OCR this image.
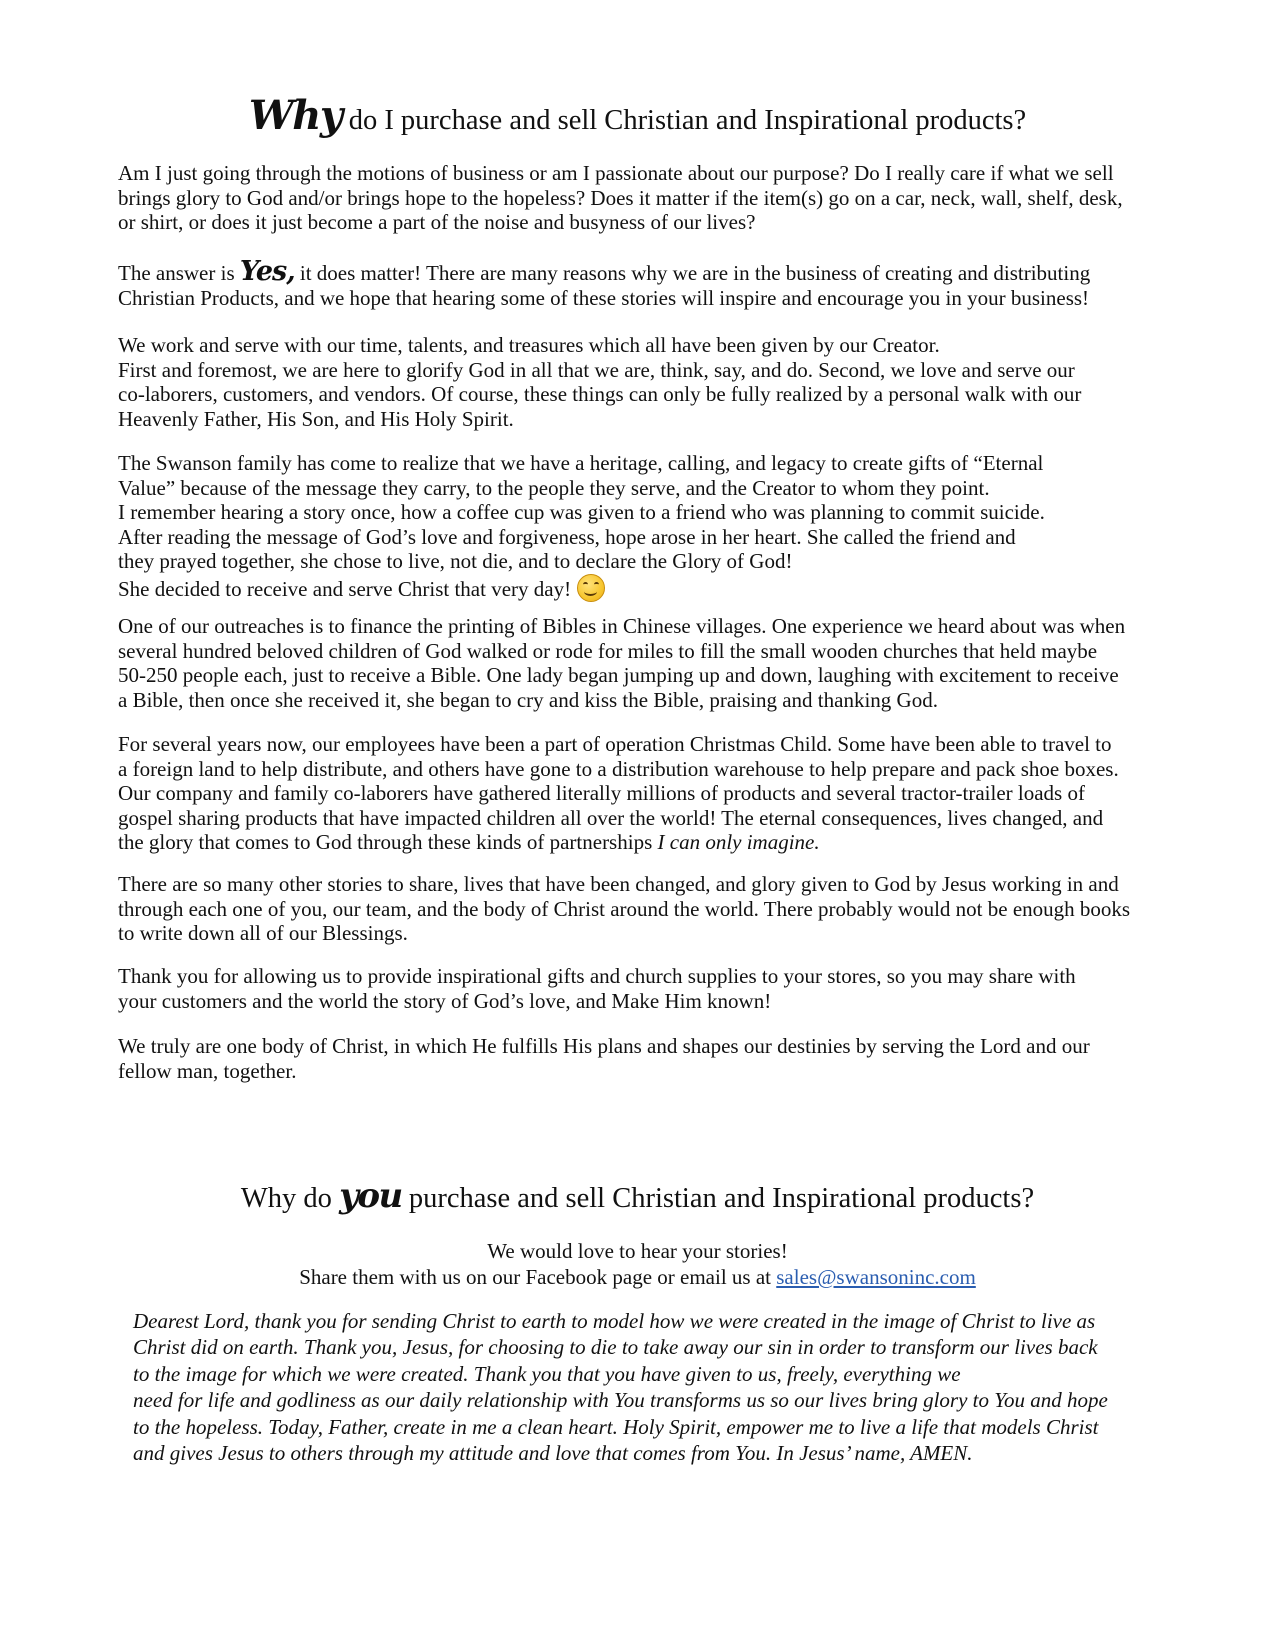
Why do I purchase and sell Christian and Inspirational products?
Am I just going through the motions of business or am I passionate about our purpose? Do I really care if what we sell
brings glory to God and/or brings hope to the hopeless? Does it matter if the item(s) go on a car, neck, wall, shelf, desk,
or shirt, or does it just become a part of the noise and busyness of our lives?
The answer is Yes, it does matter! There are many reasons why we are in the business of creating and distributing
Christian Products, and we hope that hearing some of these stories will inspire and encourage you in your business!
We work and serve with our time, talents, and treasures which all have been given by our Creator.
First and foremost, we are here to glorify God in all that we are, think, say, and do. Second, we love and serve our
co-laborers, customers, and vendors. Of course, these things can only be fully realized by a personal walk with our
Heavenly Father, His Son, and His Holy Spirit.
The Swanson family has come to realize that we have a heritage, calling, and legacy to create gifts of “Eternal
Value” because of the message they carry, to the people they serve, and the Creator to whom they point.
I remember hearing a story once, how a coffee cup was given to a friend who was planning to commit suicide.
After reading the message of God’s love and forgiveness, hope arose in her heart. She called the friend and
they prayed together, she chose to live, not die, and to declare the Glory of God!
She decided to receive and serve Christ that very day!
One of our outreaches is to finance the printing of Bibles in Chinese villages. One experience we heard about was when
several hundred beloved children of God walked or rode for miles to fill the small wooden churches that held maybe
50-250 people each, just to receive a Bible. One lady began jumping up and down, laughing with excitement to receive
a Bible, then once she received it, she began to cry and kiss the Bible, praising and thanking God.
For several years now, our employees have been a part of operation Christmas Child. Some have been able to travel to
a foreign land to help distribute, and others have gone to a distribution warehouse to help prepare and pack shoe boxes.
Our company and family co-laborers have gathered literally millions of products and several tractor-trailer loads of
gospel sharing products that have impacted children all over the world! The eternal consequences, lives changed, and
the glory that comes to God through these kinds of partnerships I can only imagine.
There are so many other stories to share, lives that have been changed, and glory given to God by Jesus working in and
through each one of you, our team, and the body of Christ around the world. There probably would not be enough books
to write down all of our Blessings.
Thank you for allowing us to provide inspirational gifts and church supplies to your stores, so you may share with
your customers and the world the story of God’s love, and Make Him known!
We truly are one body of Christ, in which He fulfills His plans and shapes our destinies by serving the Lord and our
fellow man, together.
Why do you purchase and sell Christian and Inspirational products?
We would love to hear your stories!
Share them with us on our Facebook page or email us at sales@swansoninc.com
Dearest Lord, thank you for sending Christ to earth to model how we were created in the image of Christ to live as
Christ did on earth. Thank you, Jesus, for choosing to die to take away our sin in order to transform our lives back
to the image for which we were created. Thank you that you have given to us, freely, everything we
need for life and godliness as our daily relationship with You transforms us so our lives bring glory to You and hope
to the hopeless. Today, Father, create in me a clean heart. Holy Spirit, empower me to live a life that models Christ
and gives Jesus to others through my attitude and love that comes from You. In Jesus’ name, AMEN.
